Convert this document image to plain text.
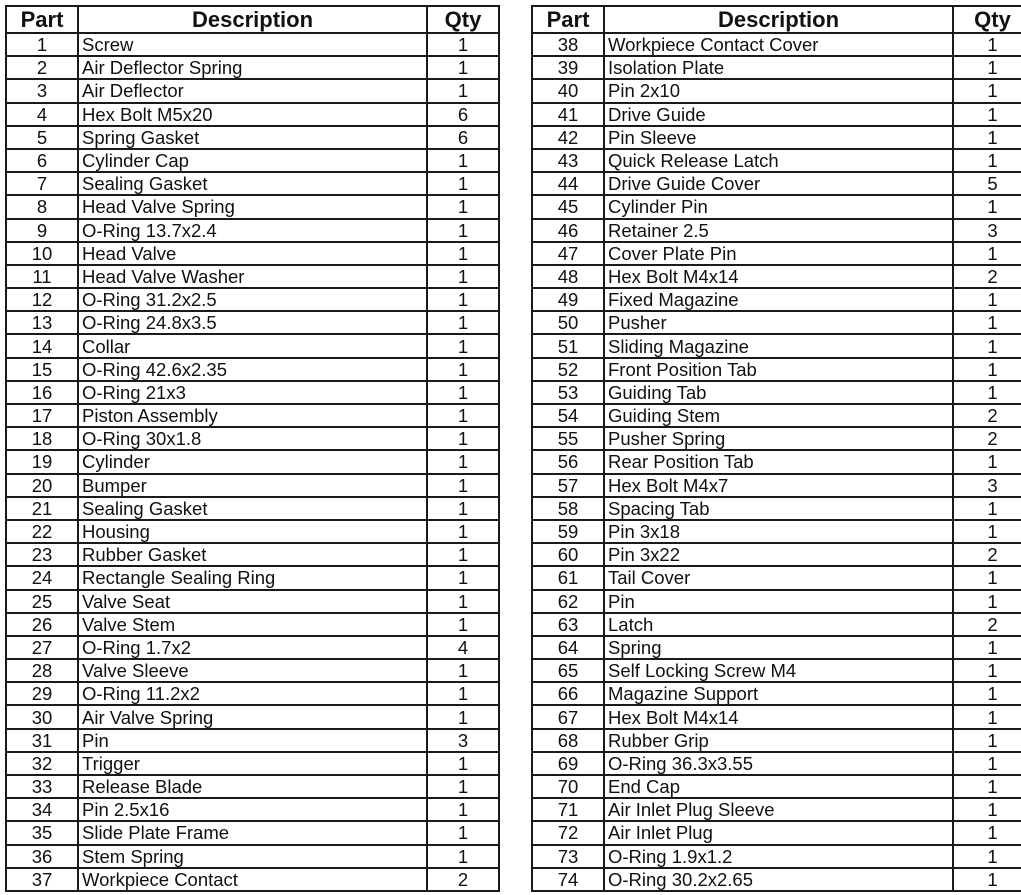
Part	Description	Qty
1	Screw	1
2	Air Deflector Spring	1
3	Air Deflector	1
4	Hex Bolt M5x20	6
5	Spring Gasket	6
6	Cylinder Cap	1
7	Sealing Gasket	1
8	Head Valve Spring	1
9	O-Ring 13.7x2.4	1
10	Head Valve	1
11	Head Valve Washer	1
12	O-Ring 31.2x2.5	1
13	O-Ring 24.8x3.5	1
14	Collar	1
15	O-Ring 42.6x2.35	1
16	O-Ring 21x3	1
17	Piston Assembly	1
18	O-Ring 30x1.8	1
19	Cylinder	1
20	Bumper	1
21	Sealing Gasket	1
22	Housing	1
23	Rubber Gasket	1
24	Rectangle Sealing Ring	1
25	Valve Seat	1
26	Valve Stem	1
27	O-Ring 1.7x2	4
28	Valve Sleeve	1
29	O-Ring 11.2x2	1
30	Air Valve Spring	1
31	Pin	3
32	Trigger	1
33	Release Blade	1
34	Pin 2.5x16	1
35	Slide Plate Frame	1
36	Stem Spring	1
37	Workpiece Contact	2
Part	Description	Qty
38	Workpiece Contact Cover	1
39	Isolation Plate	1
40	Pin 2x10	1
41	Drive Guide	1
42	Pin Sleeve	1
43	Quick Release Latch	1
44	Drive Guide Cover	5
45	Cylinder Pin	1
46	Retainer 2.5	3
47	Cover Plate Pin	1
48	Hex Bolt M4x14	2
49	Fixed Magazine	1
50	Pusher	1
51	Sliding Magazine	1
52	Front Position Tab	1
53	Guiding Tab	1
54	Guiding Stem	2
55	Pusher Spring	2
56	Rear Position Tab	1
57	Hex Bolt M4x7	3
58	Spacing Tab	1
59	Pin 3x18	1
60	Pin 3x22	2
61	Tail Cover	1
62	Pin	1
63	Latch	2
64	Spring	1
65	Self Locking Screw M4	1
66	Magazine Support	1
67	Hex Bolt M4x14	1
68	Rubber Grip	1
69	O-Ring 36.3x3.55	1
70	End Cap	1
71	Air Inlet Plug Sleeve	1
72	Air Inlet Plug	1
73	O-Ring 1.9x1.2	1
74	O-Ring 30.2x2.65	1
